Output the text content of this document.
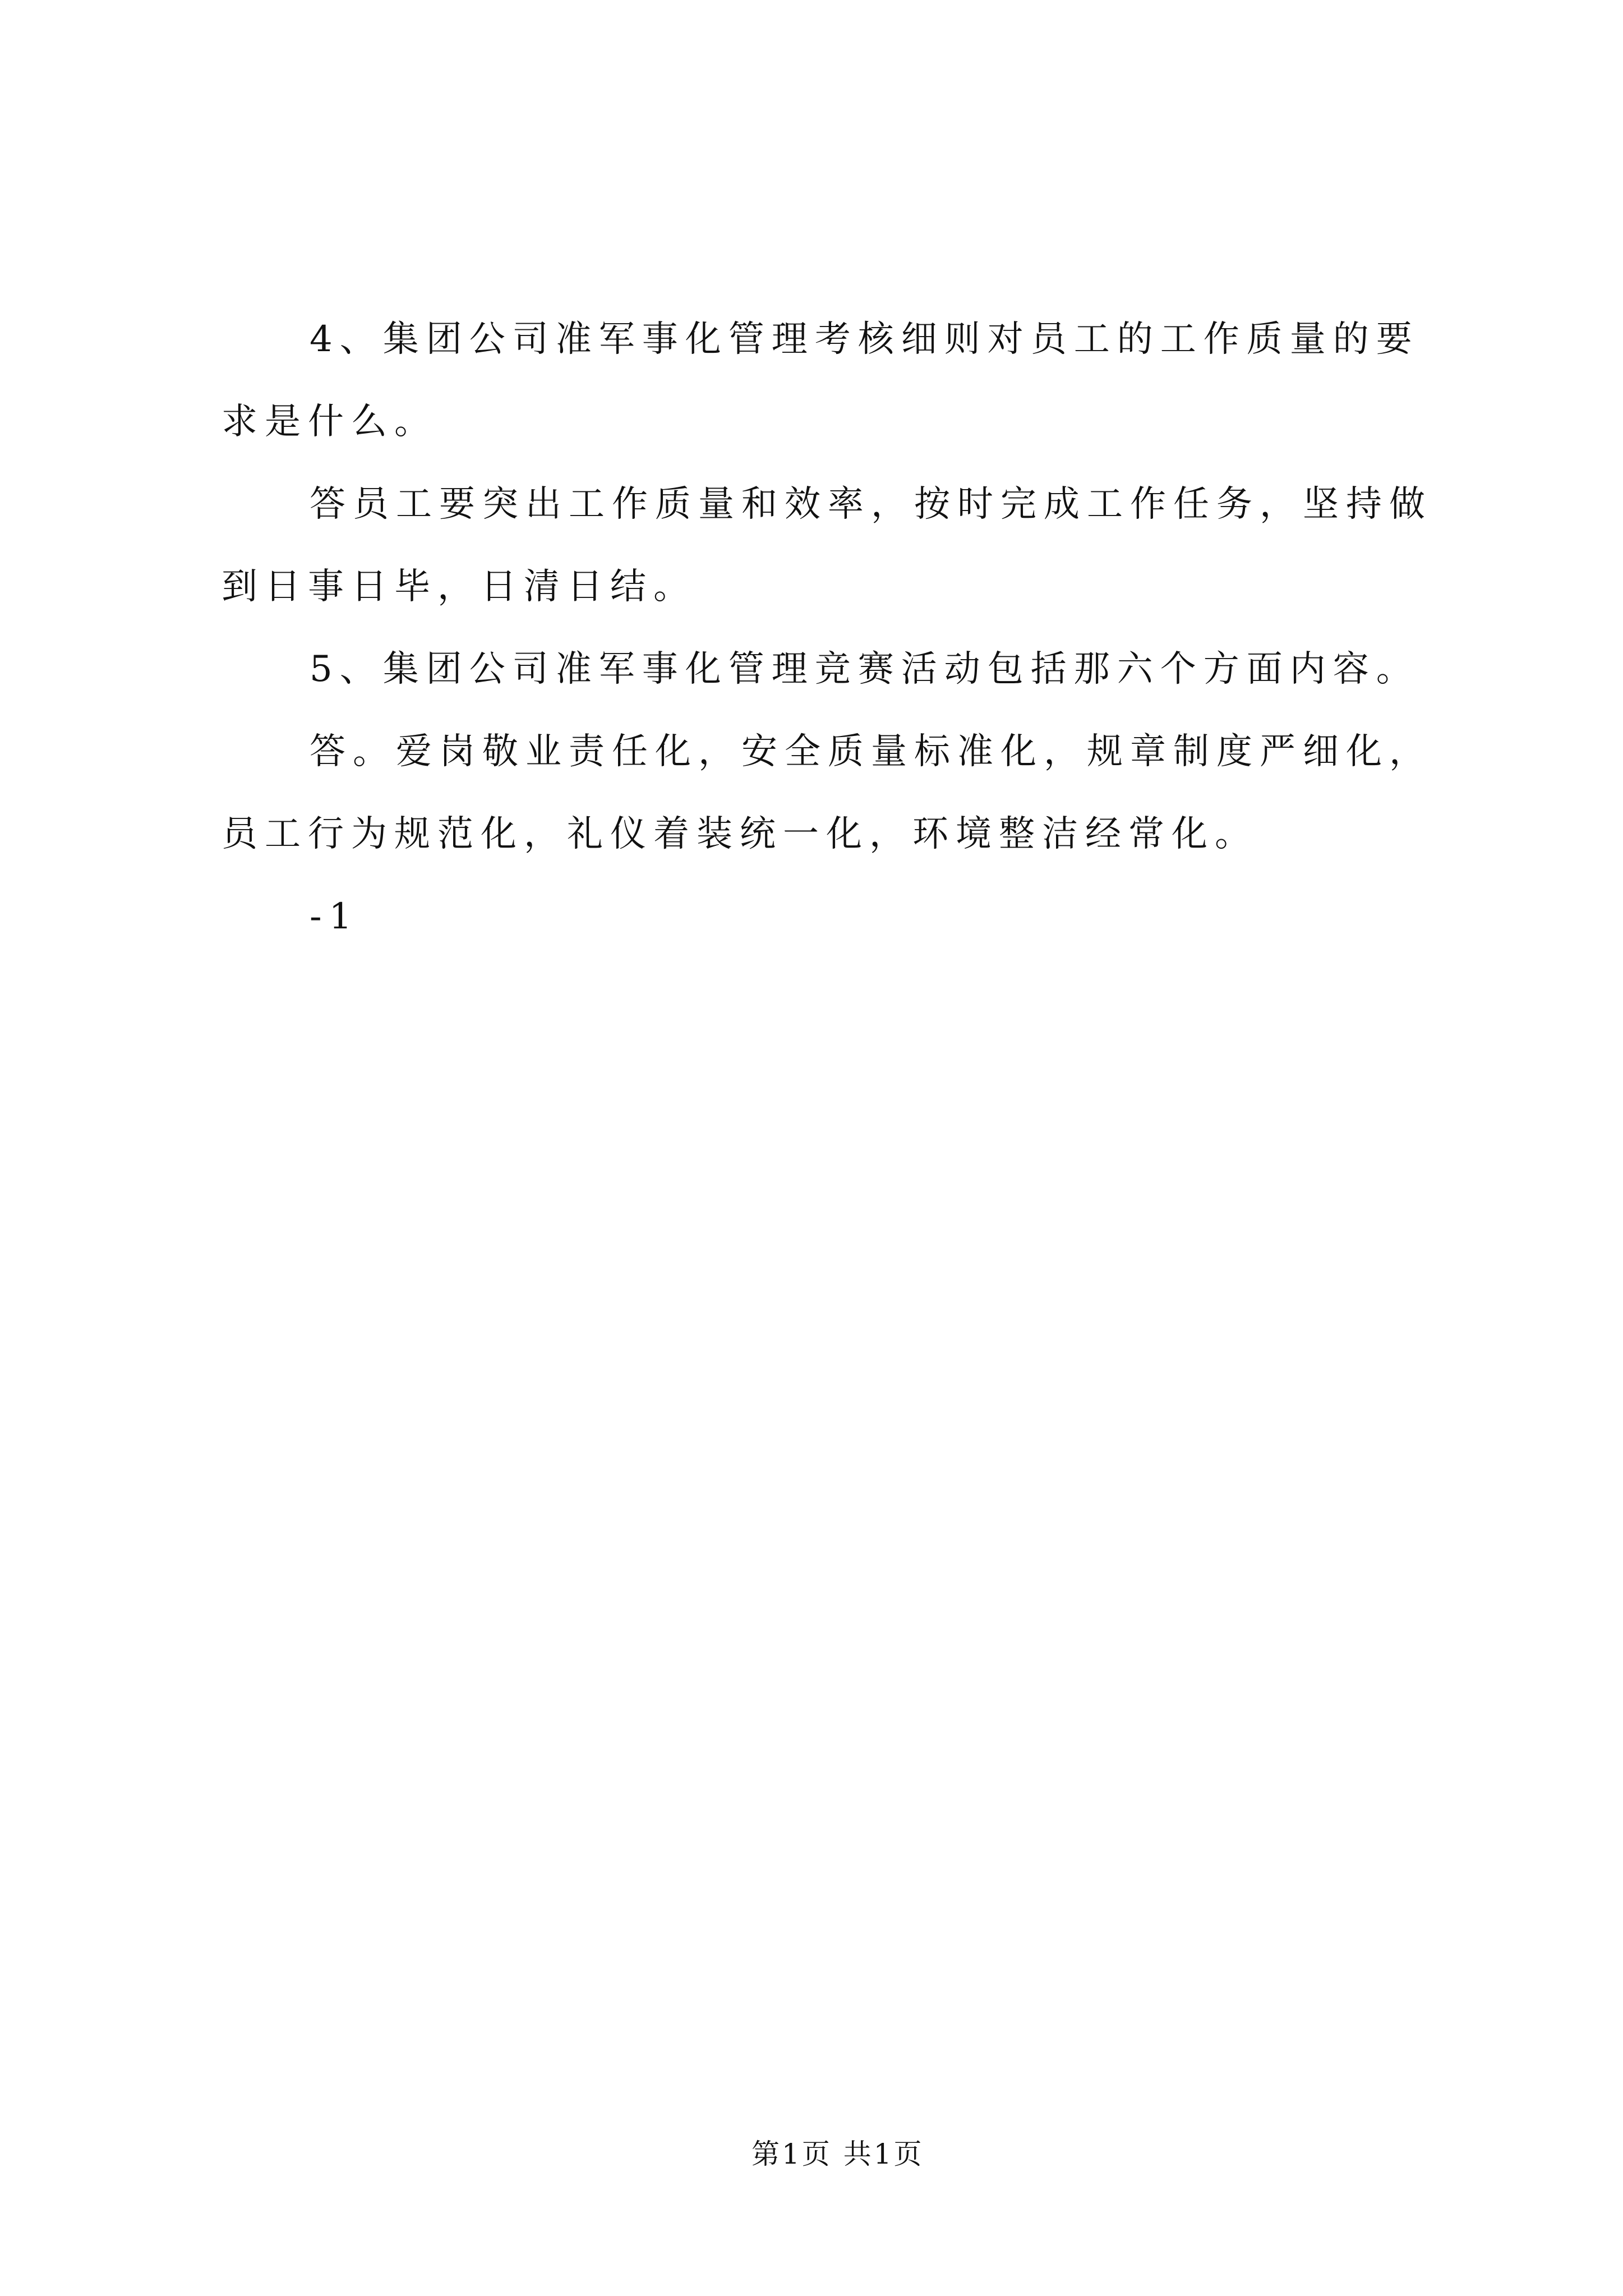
4、集团公司准军事化管理考核细则对员工的工作质量的要
求是什么。
答员工要突出工作质量和效率，按时完成工作任务，坚持做
到日事日毕，日清日结。
5、集团公司准军事化管理竞赛活动包括那六个方面内容。
答。爱岗敬业责任化，安全质量标准化，规章制度严细化，
员工行为规范化，礼仪着装统一化，环境整洁经常化。
-1
第1页 共1页
